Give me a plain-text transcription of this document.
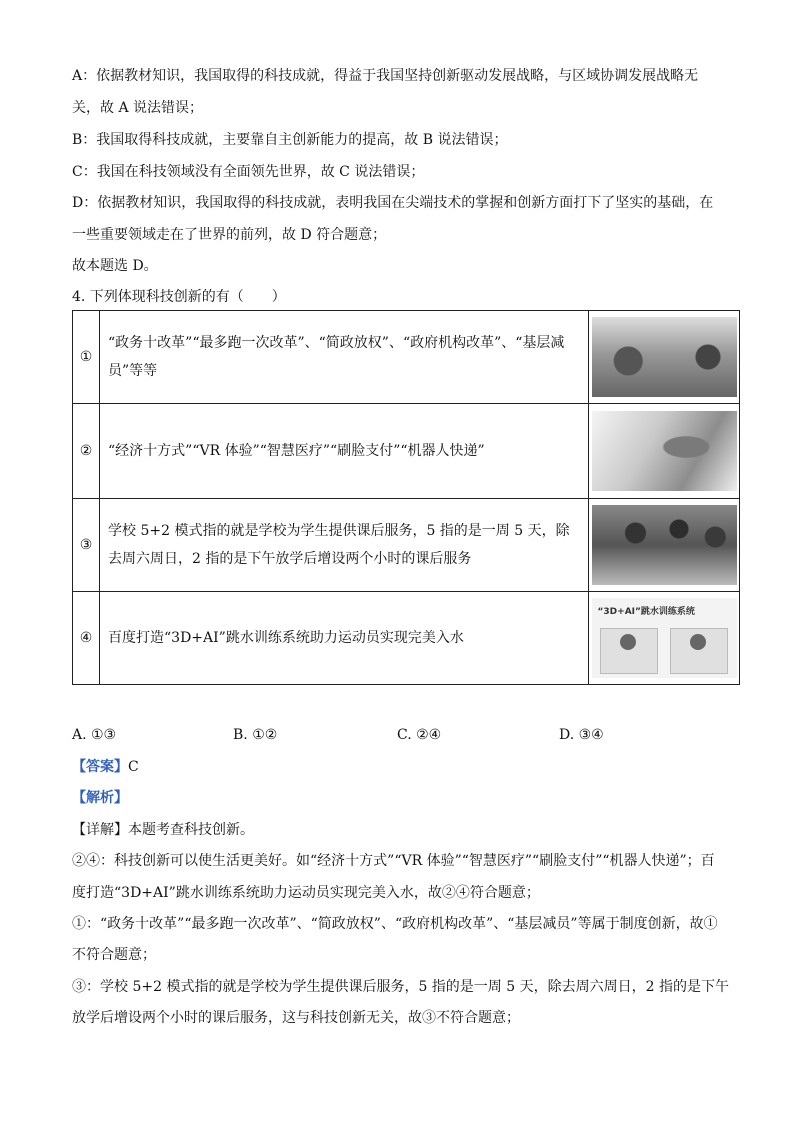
A：依据教材知识，我国取得的科技成就，得益于我国坚持创新驱动发展战略，与区域协调发展战略无
关，故 A 说法错误；
B：我国取得科技成就，主要靠自主创新能力的提高，故 B 说法错误；
C：我国在科技领域没有全面领先世界，故 C 说法错误；
D：依据教材知识，我国取得的科技成就，表明我国在尖端技术的掌握和创新方面打下了坚实的基础，在
一些重要领域走在了世界的前列，故 D 符合题意；
故本题选 D。
4. 下列体现科技创新的有（　　）
①	“政务十改革”“最多跑一次改革”、“简政放权”、“政府机构改革”、“基层减员”等等	

②	“经济十方式”“VR 体验”“智慧医疗”“刷脸支付”“机器人快递”	

③	学校 5+2 模式指的就是学校为学生提供课后服务，5 指的是一周 5 天，除去周六周日，2 指的是下午放学后增设两个小时的课后服务	

④	百度打造“3D+AI”跳水训练系统助力运动员实现完美入水	“3D+AI”跳水训练系统
A. ①③	B. ①②	C. ②④	D. ③④
【答案】C
【解析】
【详解】本题考查科技创新。
②④：科技创新可以使生活更美好。如“经济十方式”“VR 体验”“智慧医疗”“刷脸支付”“机器人快递”；百
度打造“3D+AI”跳水训练系统助力运动员实现完美入水，故②④符合题意；
①：“政务十改革”“最多跑一次改革”、“简政放权”、“政府机构改革”、“基层减员”等属于制度创新，故①
不符合题意；
③：学校 5+2 模式指的就是学校为学生提供课后服务，5 指的是一周 5 天，除去周六周日，2 指的是下午
放学后增设两个小时的课后服务，这与科技创新无关，故③不符合题意；
